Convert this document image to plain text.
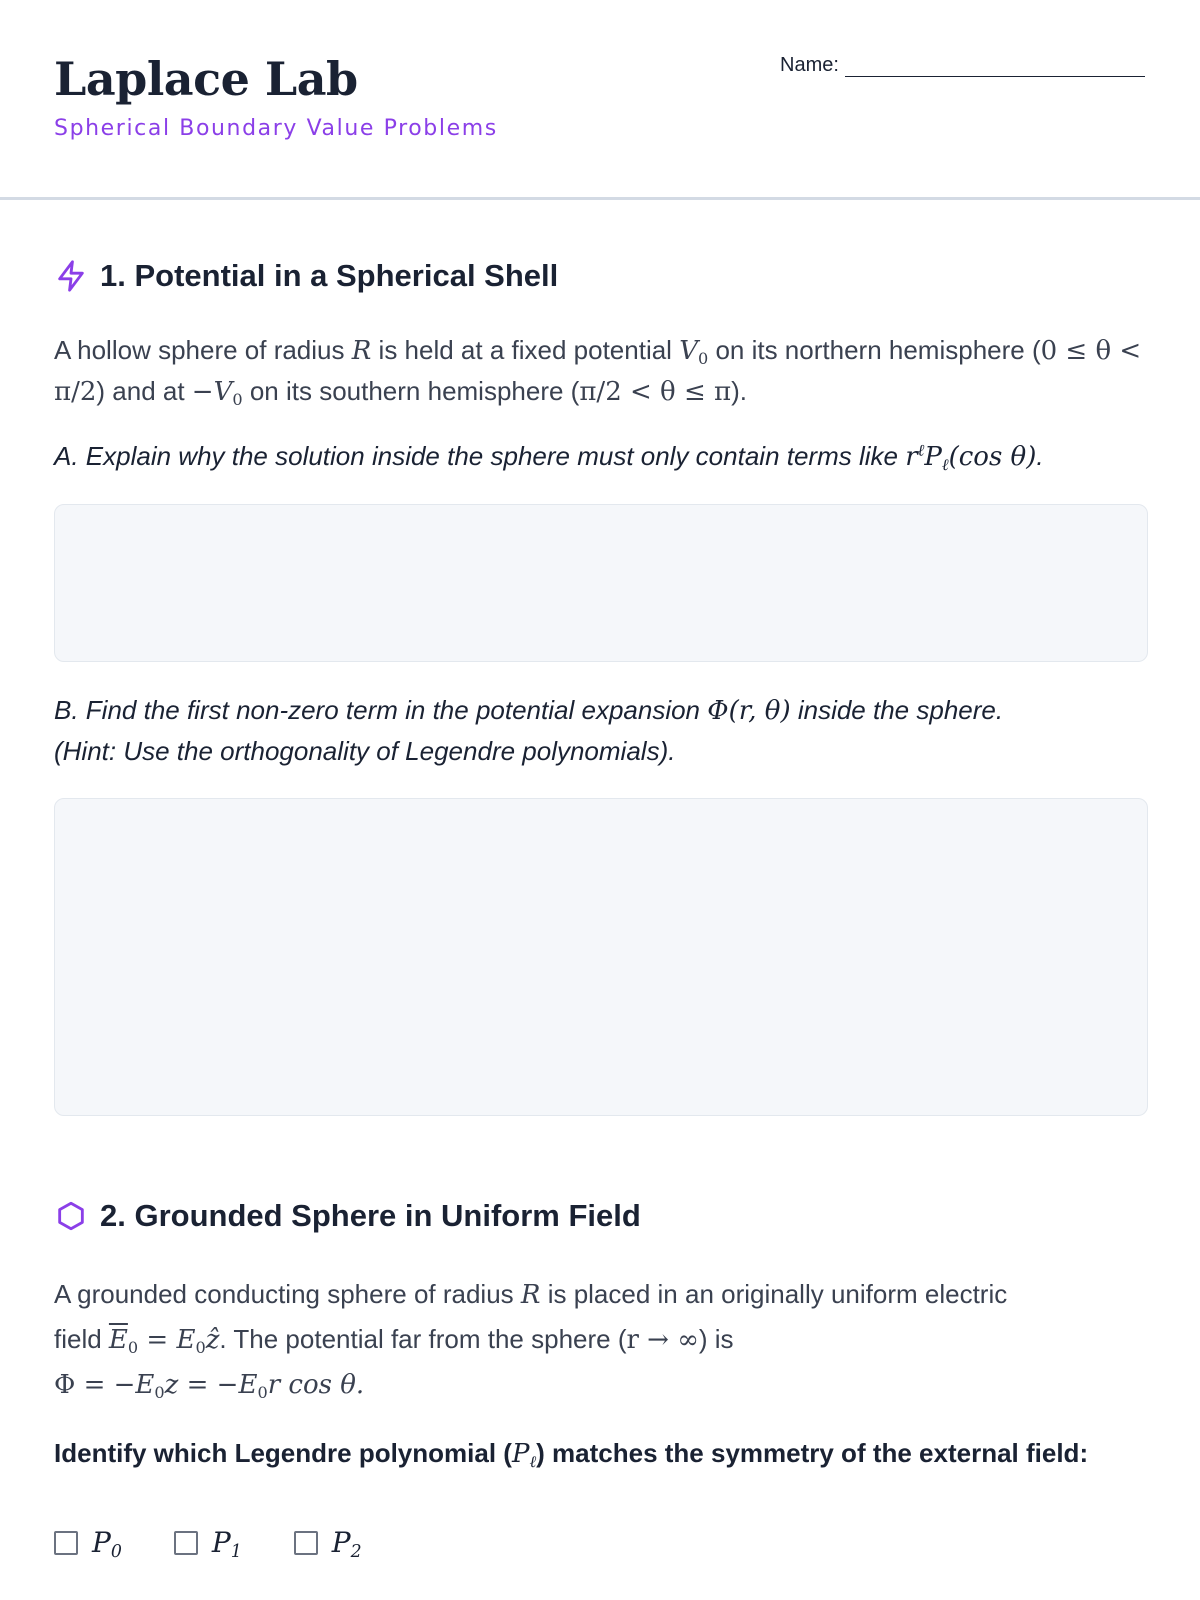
Laplace Lab

Spherical Boundary Value Problems

Name:
1. Potential in a Spherical Shell

A hollow sphere of radius R is held at a fixed potential $V_0$ on its northern hemisphere (0 ≤ θ < π/2) and at $-V_0$ on its southern hemisphere (π/2 < θ ≤ π).

A. Explain why the solution inside the sphere must only contain terms like $r^\ell P_\ell(\cos$ θ).

B. Find the first non-zero term in the potential expansion Φ(r, θ) inside the sphere.
(Hint: Use the orthogonality of Legendre polynomials).

2. Grounded Sphere in Uniform Field

A grounded conducting sphere of radius R is placed in an originally uniform electric
field $\overline{E}_0$ = $E_0ẑ$. The potential far from the sphere (r → ∞) is
$\Phi = -E_0z = -E_0r$ cos θ.

Identify which Legendre polynomial $(P_\ell)$ matches the symmetry of the external field:

$P_0$	$P_1$	$P_2$
